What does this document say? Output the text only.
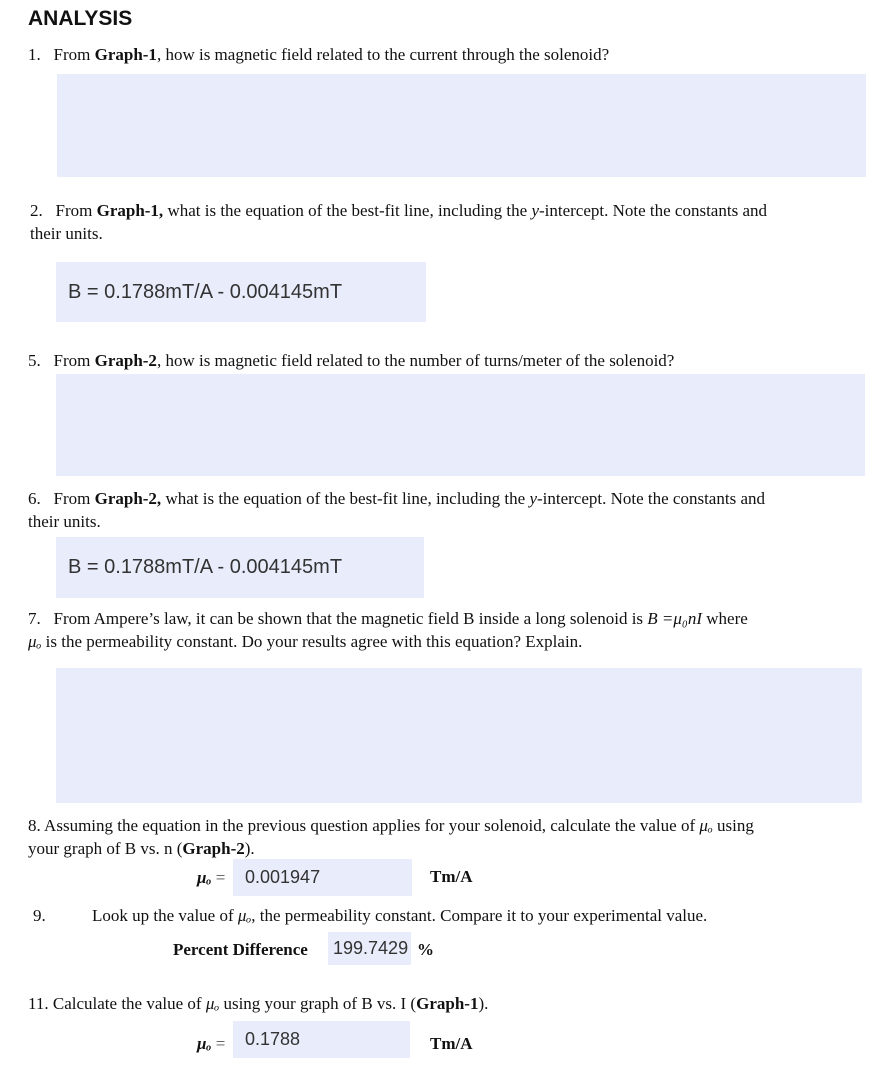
ANALYSIS
1. From Graph-1, how is magnetic field related to the current through the solenoid?
2. From Graph-1, what is the equation of the best-fit line, including the y-intercept. Note the constants and
their units.
B = 0.1788mT/A - 0.004145mT
5. From Graph-2, how is magnetic field related to the number of turns/meter of the solenoid?
6. From Graph-2, what is the equation of the best-fit line, including the y-intercept. Note the constants and
their units.
B = 0.1788mT/A - 0.004145mT
7. From Ampere’s law, it can be shown that the magnetic field B inside a long solenoid is B =μ₀nI where
μₒ is the permeability constant. Do your results agree with this equation? Explain.
8. Assuming the equation in the previous question applies for your solenoid, calculate the value of μₒ using
your graph of B vs. n (Graph-2).
μₒ =
0.001947	Tm/A
9.	Look up the value of μₒ, the permeability constant. Compare it to your experimental value.
Percent Difference
199.7429	%
11. Calculate the value of μₒ using your graph of B vs. I (Graph-1).
μₒ =
0.1788	Tm/A
